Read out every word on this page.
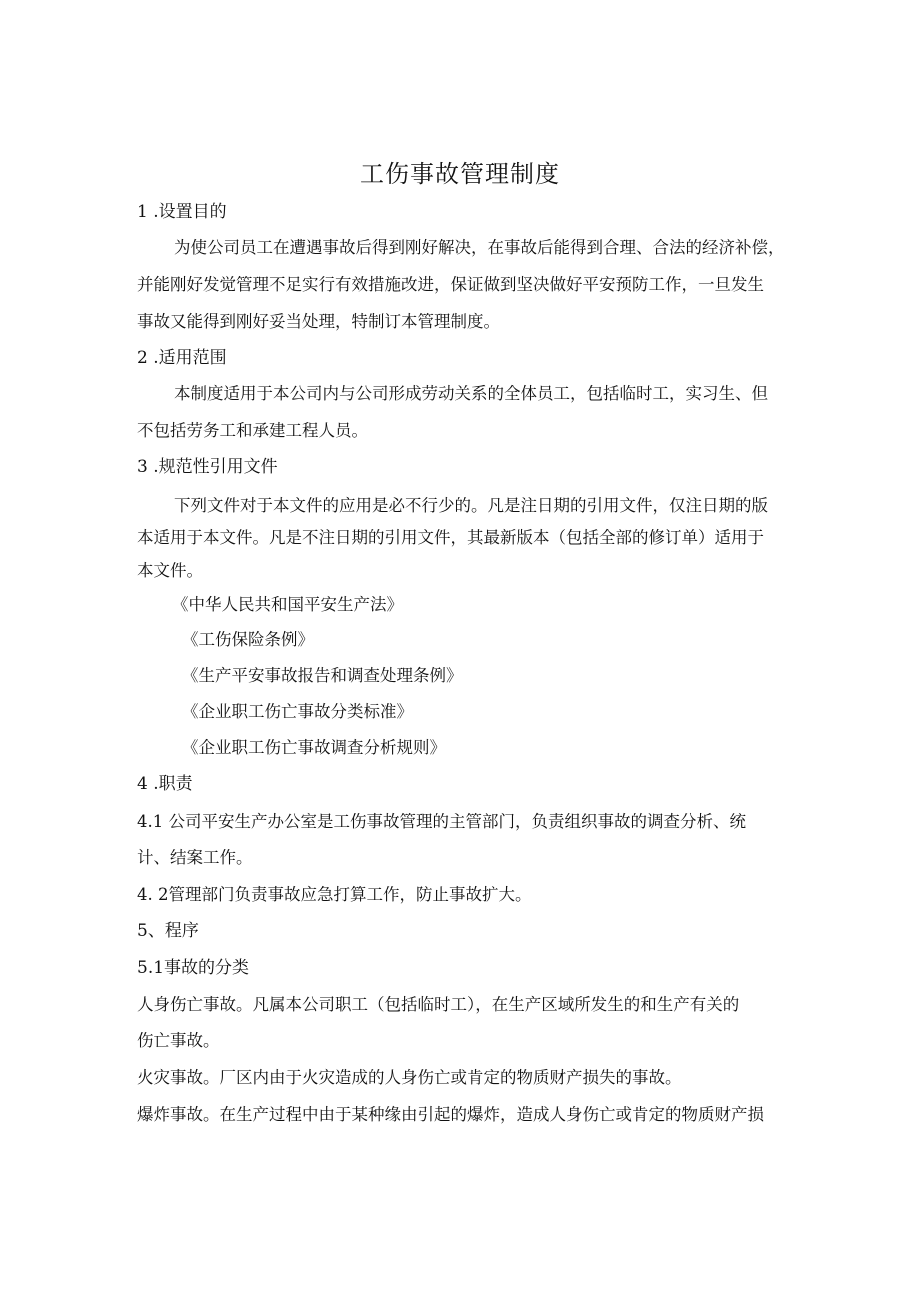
工伤事故管理制度
1 .设置目的
为使公司员工在遭遇事故后得到刚好解决，在事故后能得到合理、合法的经济补偿，
并能刚好发觉管理不足实行有效措施改进，保证做到坚决做好平安预防工作，一旦发生
事故又能得到刚好妥当处理，特制订本管理制度。
2 .适用范围
本制度适用于本公司内与公司形成劳动关系的全体员工，包括临时工，实习生、但
不包括劳务工和承建工程人员。
3 .规范性引用文件
下列文件对于本文件的应用是必不行少的。凡是注日期的引用文件，仅注日期的版
本适用于本文件。凡是不注日期的引用文件，其最新版本（包括全部的修订单）适用于
本文件。
《中华人民共和国平安生产法》
《工伤保险条例》
《生产平安事故报告和调查处理条例》
《企业职工伤亡事故分类标准》
《企业职工伤亡事故调查分析规则》
4 .职责
4.1 公司平安生产办公室是工伤事故管理的主管部门，负责组织事故的调查分析、统
计、结案工作。
4. 2管理部门负责事故应急打算工作，防止事故扩大。
5、程序
5.1事故的分类
人身伤亡事故。凡属本公司职工（包括临时工），在生产区域所发生的和生产有关的
伤亡事故。
火灾事故。厂区内由于火灾造成的人身伤亡或肯定的物质财产损失的事故。
爆炸事故。在生产过程中由于某种缘由引起的爆炸，造成人身伤亡或肯定的物质财产损
